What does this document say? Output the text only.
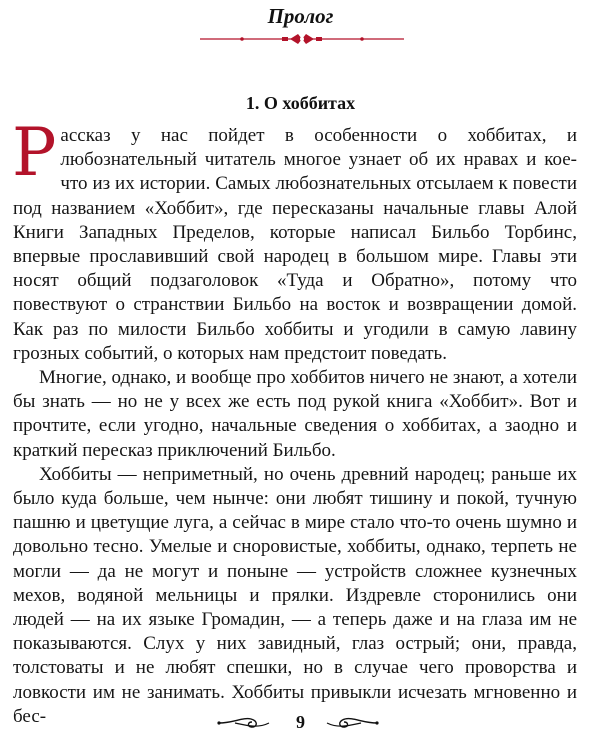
Пролог
1. О хоббитах

Рассказ у нас пойдет в особенности о хоббитах, и любознательный читатель многое узнает об их нравах и кое-что из их истории. Самых любознательных отсылаем к повести под названием «Хоббит», где пересказаны начальные главы Алой Книги Западных Пределов, которые написал Бильбо Торбинс, впервые прославивший свой народец в большом мире. Главы эти носят общий подзаголовок «Туда и Обратно», потому что повествуют о странствии Бильбо на восток и возвращении домой. Как раз по милости Бильбо хоббиты и угодили в самую лавину грозных событий, о которых нам предстоит поведать.

Многие, однако, и вообще про хоббитов ничего не знают, а хотели бы знать — но не у всех же есть под рукой книга «Хоббит». Вот и прочтите, если угодно, начальные сведения о хоббитах, а заодно и краткий пересказ приключений Бильбо.

Хоббиты — неприметный, но очень древний народец; раньше их было куда больше, чем нынче: они любят тишину и покой, тучную пашню и цветущие луга, а сейчас в мире стало что-то очень шумно и довольно тесно. Умелые и сноровистые, хоббиты, однако, терпеть не могли — да не могут и поныне — устройств сложнее кузнечных мехов, водяной мельницы и прялки. Издревле сторонились они людей — на их языке Громадин, — а теперь даже и на глаза им не показываются. Слух у них завидный, глаз острый; они, правда, толстоваты и не любят спешки, но в случае чего проворства и ловкости им не занимать. Хоббиты привыкли исчезать мгновенно и бес-	9
